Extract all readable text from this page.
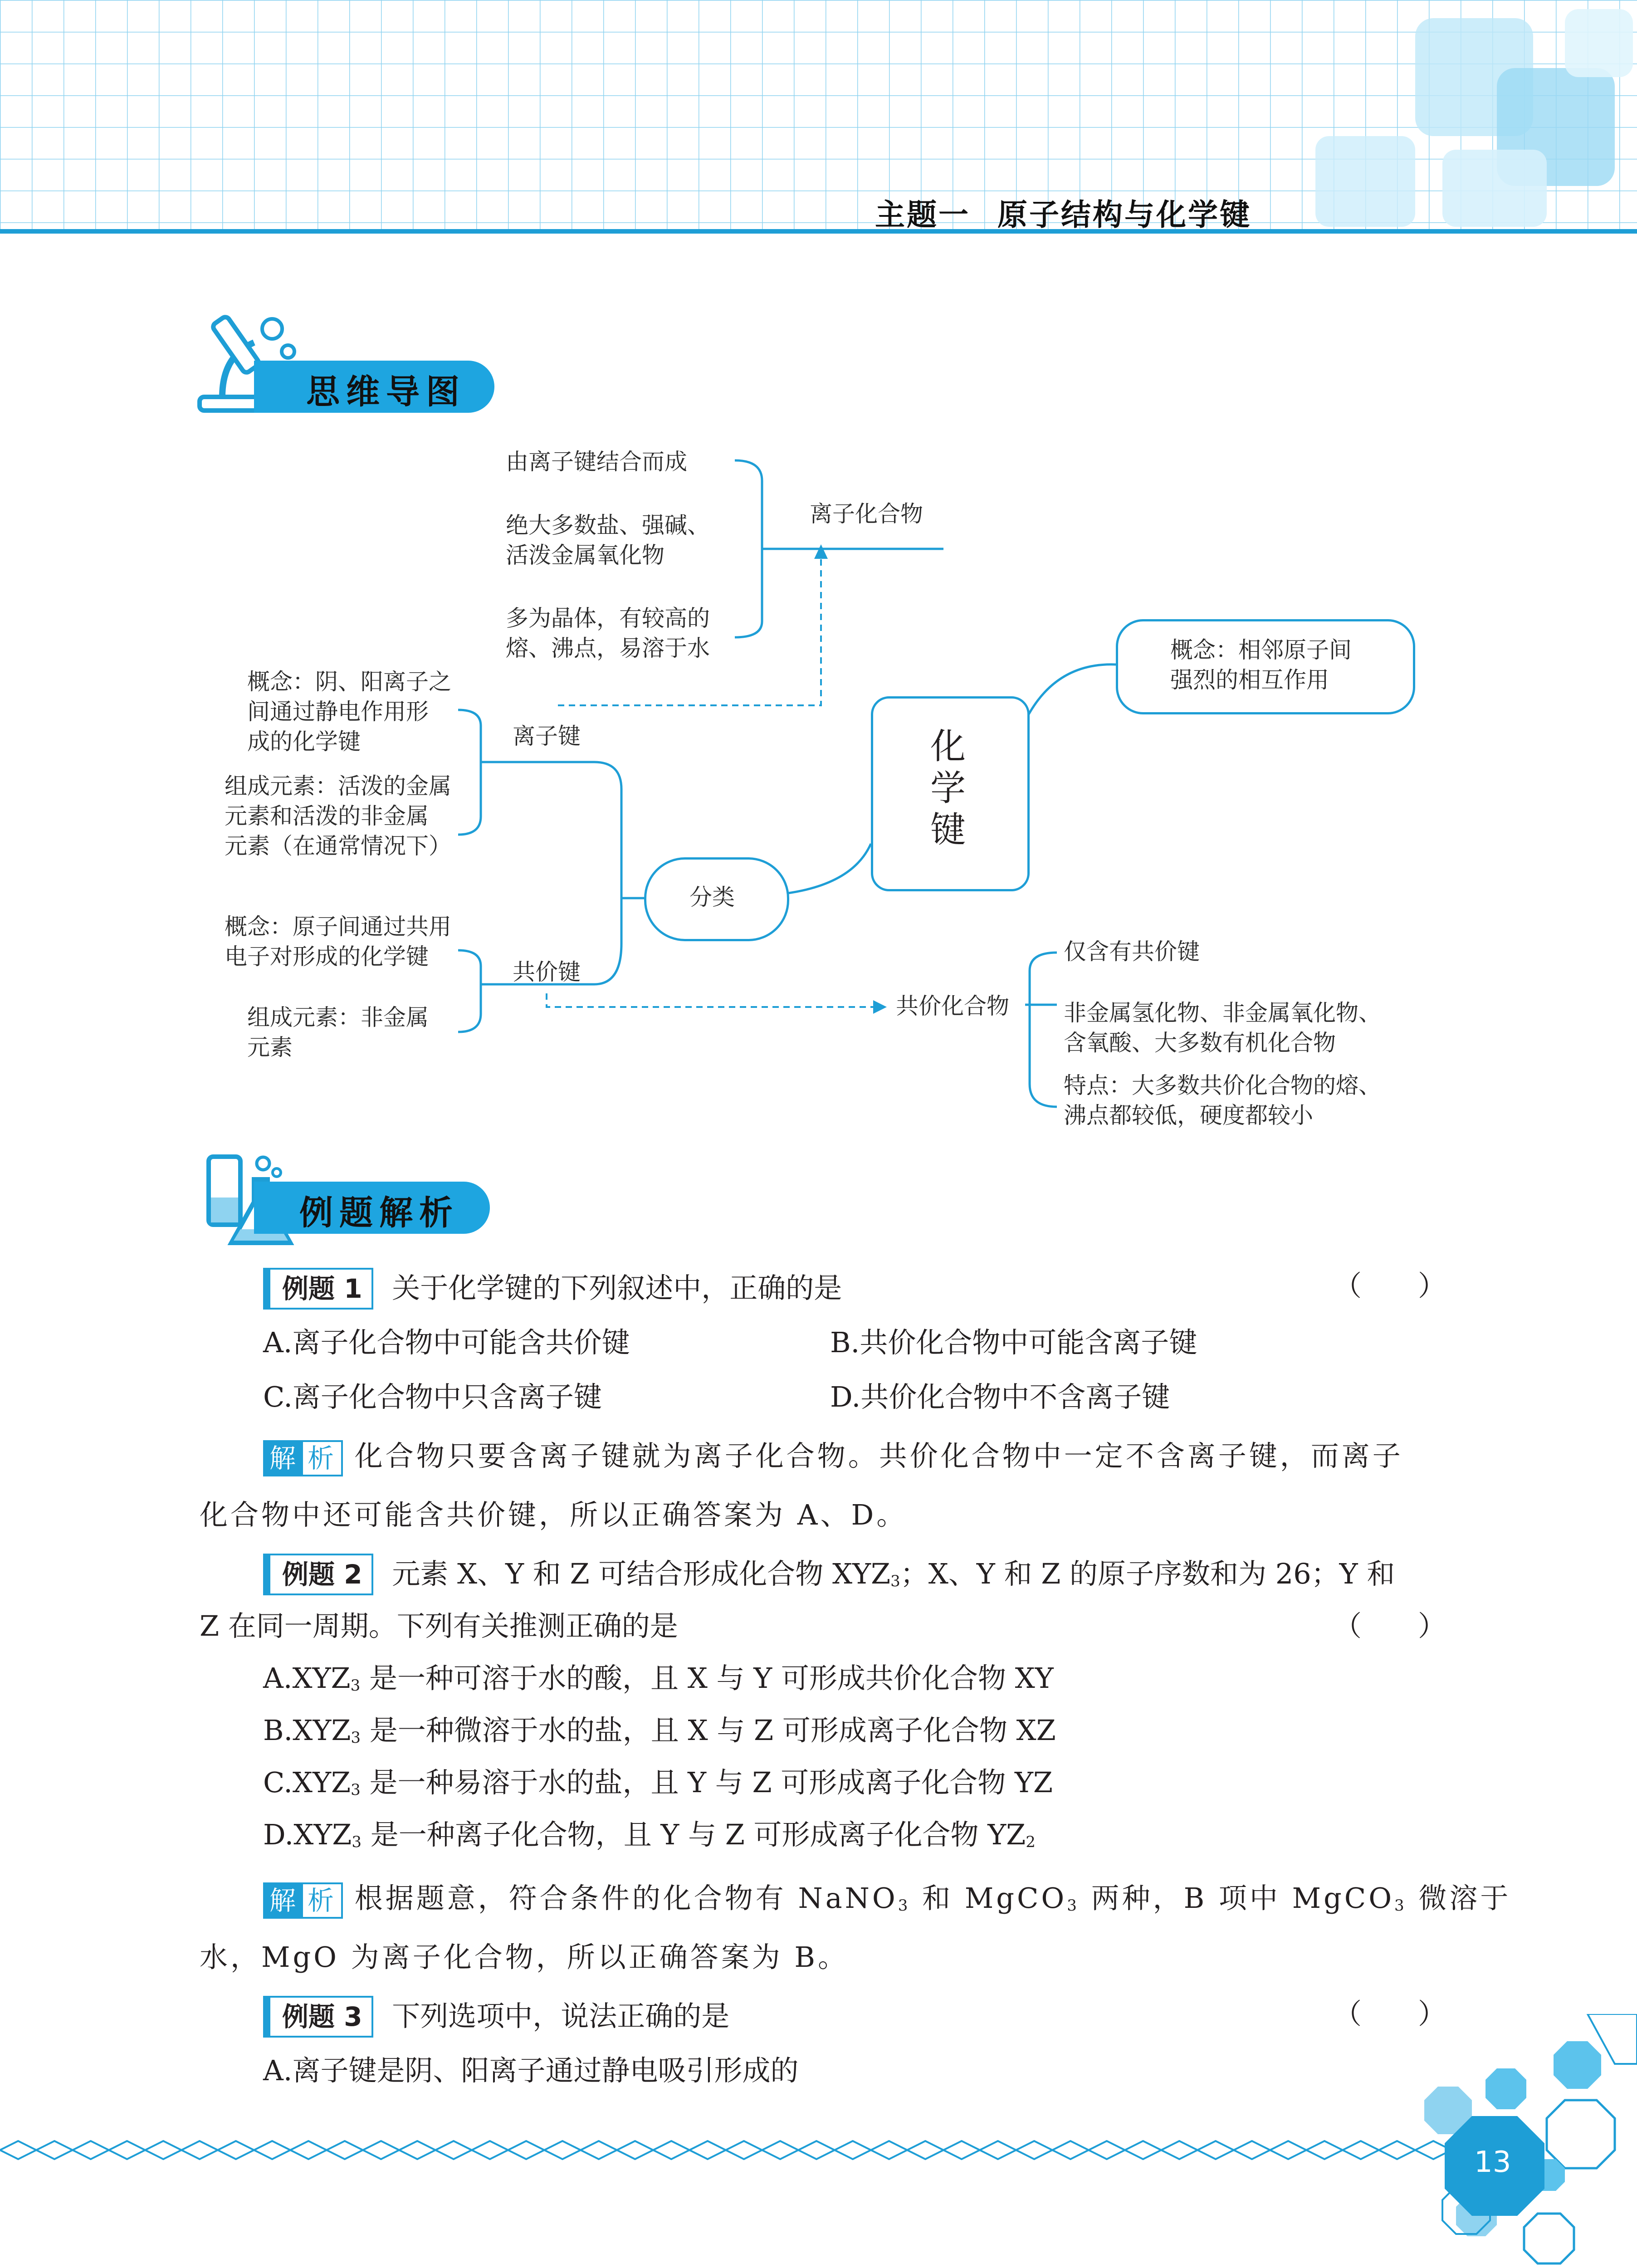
主题一 原子结构与化学键
思维导图
化
学
键
概念：相邻原子间
强烈的相互作用
分类
离子化合物
由离子键结合而成
绝大多数盐、强碱、
活泼金属氧化物
多为晶体，有较高的
熔、沸点，易溶于水
离子键
概念：阴、阳离子之
间通过静电作用形
成的化学键
组成元素：活泼的金属
元素和活泼的非金属
元素（在通常情况下）
共价键
概念：原子间通过共用
电子对形成的化学键
组成元素：非金属
元素
共价化合物
仅含有共价键
非金属氢化物、非金属氧化物、
含氧酸、大多数有机化合物
特点：大多数共价化合物的熔、
沸点都较低，硬度都较小
例题解析
例题 1 关于化学键的下列叙述中，正确的是	（　　）
A.离子化合物中可能含共价键	B.共价化合物中可能含离子键
C.离子化合物中只含离子键	D.共价化合物中不含离子键
解 析 化合物只要含离子键就为离子化合物。共价化合物中一定不含离子键，而离子
化合物中还可能含共价键，所以正确答案为 A、D。
例题 2 元素 X、Y 和 Z 可结合形成化合物 $XYZ_3$；X、Y 和 Z 的原子序数和为 26；Y 和
Z 在同一周期。下列有关推测正确的是	（　　）
$A.XYZ_3$ 是一种可溶于水的酸，且 X 与 Y 可形成共价化合物 XY
$B.XYZ_3$ 是一种微溶于水的盐，且 X 与 Z 可形成离子化合物 XZ
$C.XYZ_3$ 是一种易溶于水的盐，且 Y 与 Z 可形成离子化合物 YZ
$D.XYZ_3$ 是一种离子化合物，且 Y 与 Z 可形成离子化合物 $YZ_2$
解 析 根据题意，符合条件的化合物有 NaNO$_3$ 和 MgCO$_3$ 两种，B 项中 MgCO$_3$ 微溶于
水，MgO 为离子化合物，所以正确答案为 B。
例题 3 下列选项中，说法正确的是	（　　）
A.离子键是阴、阳离子通过静电吸引形成的
13
